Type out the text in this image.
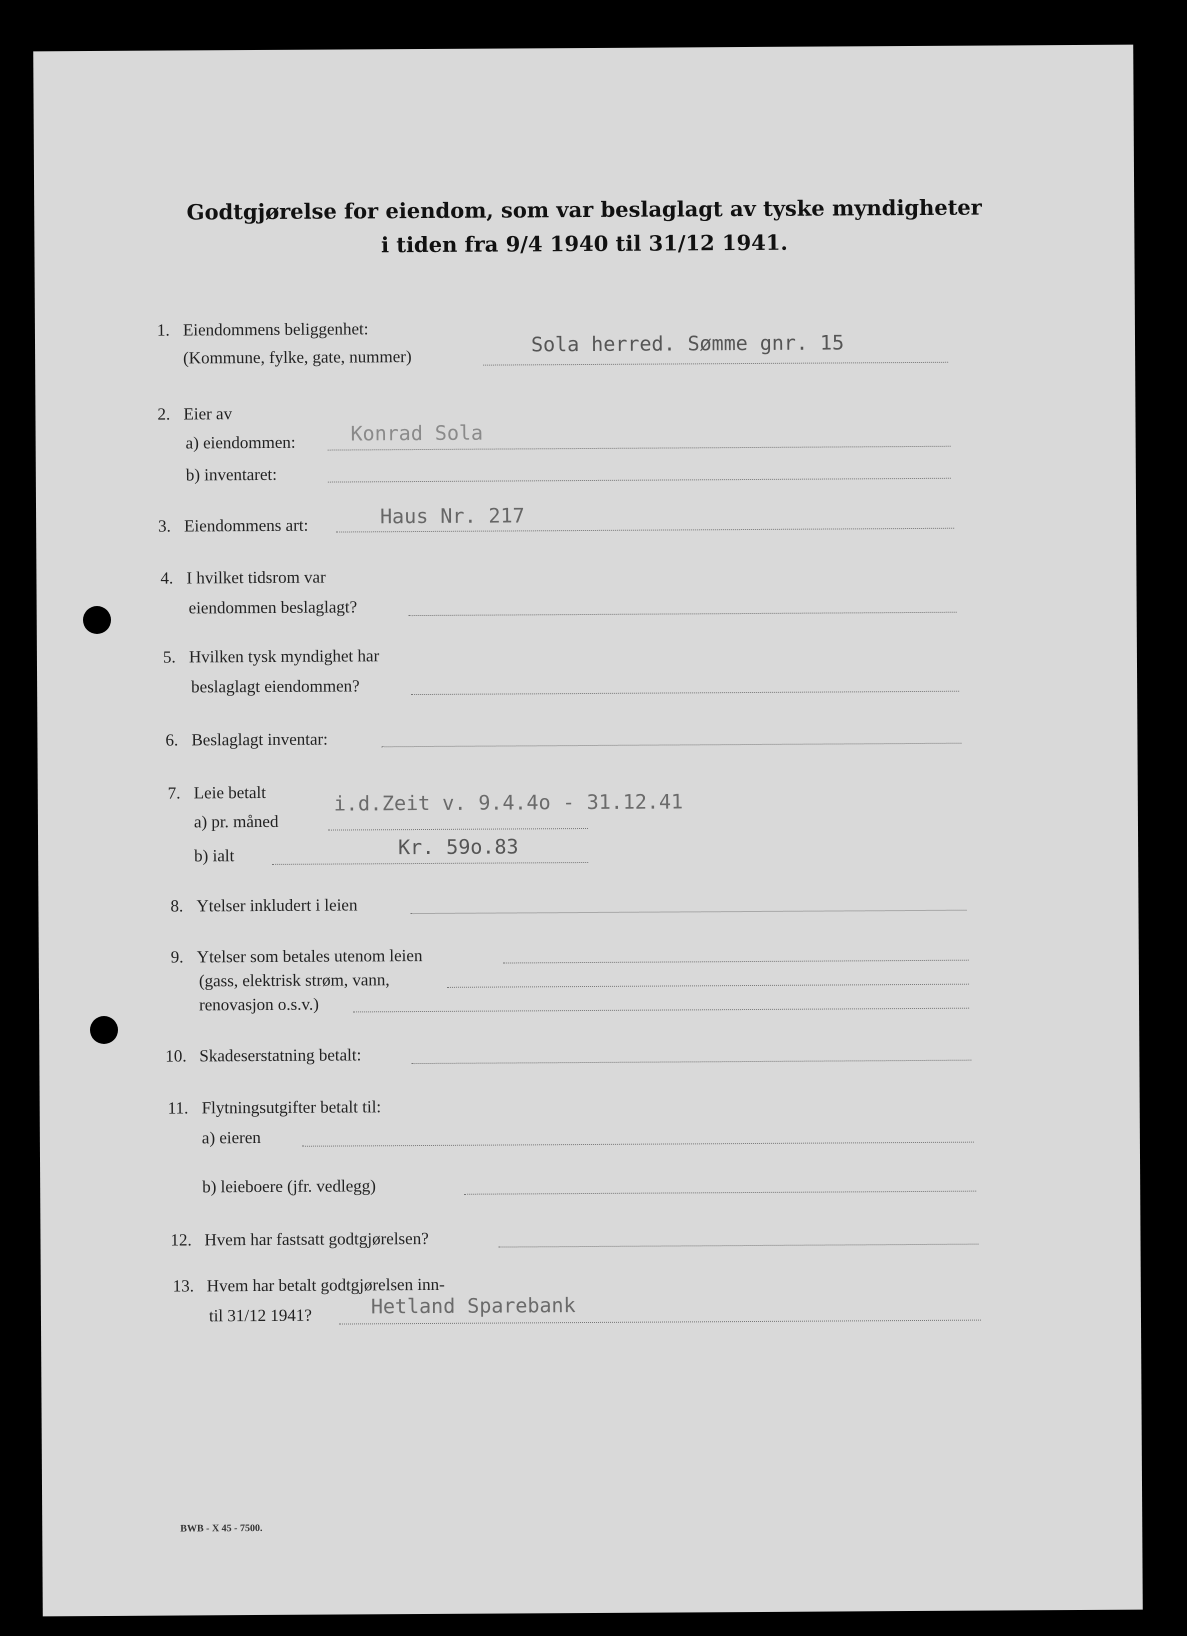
Godtgjørelse for eiendom, som var beslaglagt av tyske myndigheter
i tiden fra 9/4 1940 til 31/12 1941.
1. Eiendommens beliggenhet:
(Kommune, fylke, gate, nummer)
Sola herred. Sømme gnr. 15
2. Eier av
a) eiendommen:	Konrad Sola
b) inventaret:
3. Eiendommens art:	Haus Nr. 217
4. I hvilket tidsrom var
eiendommen beslaglagt?
5. Hvilken tysk myndighet har
beslaglagt eiendommen?
6. Beslaglagt inventar:
7. Leie betalt
a) pr. måned
i.d.Zeit v. 9.4.4o - 31.12.41
b) ialt	Kr. 59o.83
8. Ytelser inkludert i leien
9. Ytelser som betales utenom leien
(gass, elektrisk strøm, vann,
renovasjon o.s.v.)
10. Skadeserstatning betalt:
11. Flytningsutgifter betalt til:
a) eieren
b) leieboere (jfr. vedlegg)
12. Hvem har fastsatt godtgjørelsen?
13. Hvem har betalt godtgjørelsen inn-
til 31/12 1941?	Hetland Sparebank
BWB - X 45 - 7500.
